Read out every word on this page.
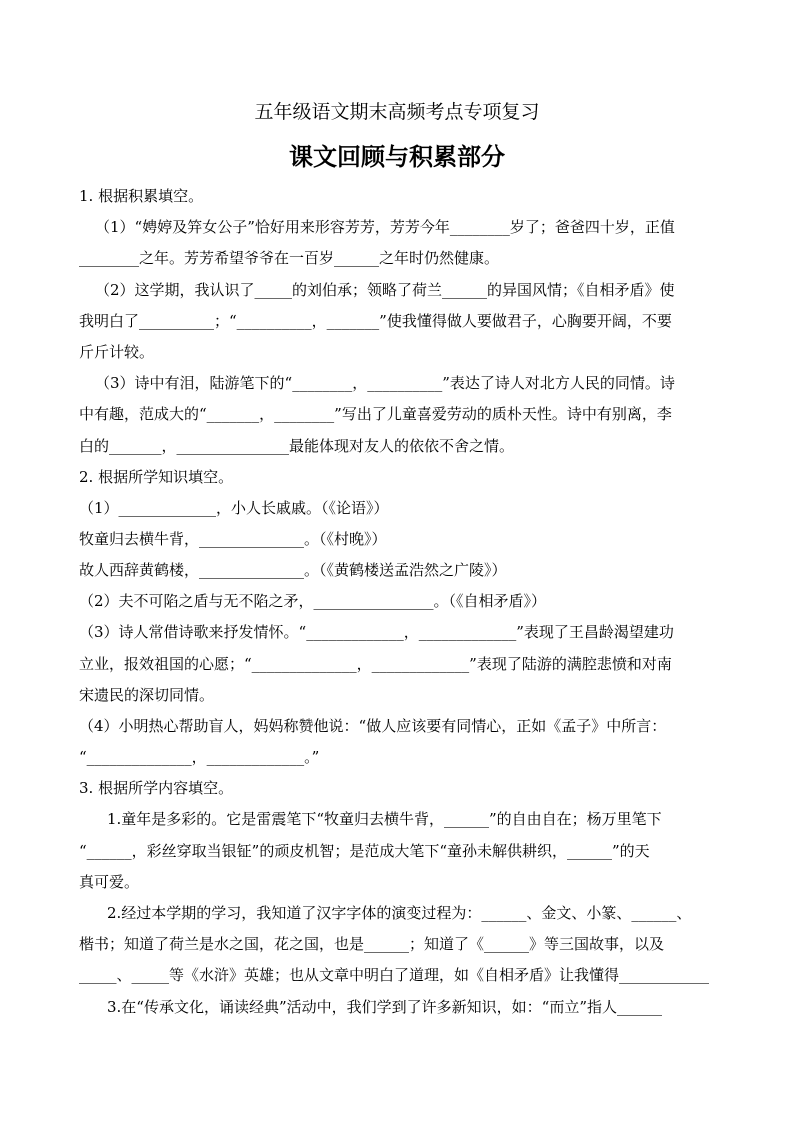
五年级语文期末高频考点专项复习
课文回顾与积累部分
1. 根据积累填空。
（1）“娉婷及笄女公子”恰好用来形容芳芳，芳芳今年________岁了；爸爸四十岁，正值
________之年。芳芳希望爷爷在一百岁______之年时仍然健康。
（2）这学期，我认识了_____的刘伯承；领略了荷兰______的异国风情；《自相矛盾》使
我明白了__________；“__________，_______”使我懂得做人要做君子，心胸要开阔，不要
斤斤计较。
（3）诗中有泪，陆游笔下的“________，__________”表达了诗人对北方人民的同情。诗
中有趣，范成大的“_______，________”写出了儿童喜爱劳动的质朴天性。诗中有别离，李
白的_______，_______________最能体现对友人的依依不舍之情。
2. 根据所学知识填空。
（1）_____________，小人长戚戚。（《论语》）
牧童归去横牛背，______________。（《村晚》）
故人西辞黄鹤楼，______________。（《黄鹤楼送孟浩然之广陵》）
（2）夫不可陷之盾与无不陷之矛，________________。（《自相矛盾》）
（3）诗人常借诗歌来抒发情怀。“_____________，_____________”表现了王昌龄渴望建功
立业，报效祖国的心愿；“______________，_____________”表现了陆游的满腔悲愤和对南
宋遗民的深切同情。
（4）小明热心帮助盲人，妈妈称赞他说：“做人应该要有同情心，正如《孟子》中所言：
“______________，_____________。”
3. 根据所学内容填空。
1.童年是多彩的。它是雷震笔下“牧童归去横牛背，______”的自由自在；杨万里笔下
“______，彩丝穿取当银钲”的顽皮机智；是范成大笔下“童孙未解供耕织，______”的天
真可爱。
2.经过本学期的学习，我知道了汉字字体的演变过程为：______、金文、小篆、______、
楷书；知道了荷兰是水之国，花之国，也是______；知道了《______》等三国故事，以及
_____、_____等《水浒》英雄；也从文章中明白了道理，如《自相矛盾》让我懂得____________
3.在“传承文化，诵读经典”活动中，我们学到了许多新知识，如：“而立”指人______
